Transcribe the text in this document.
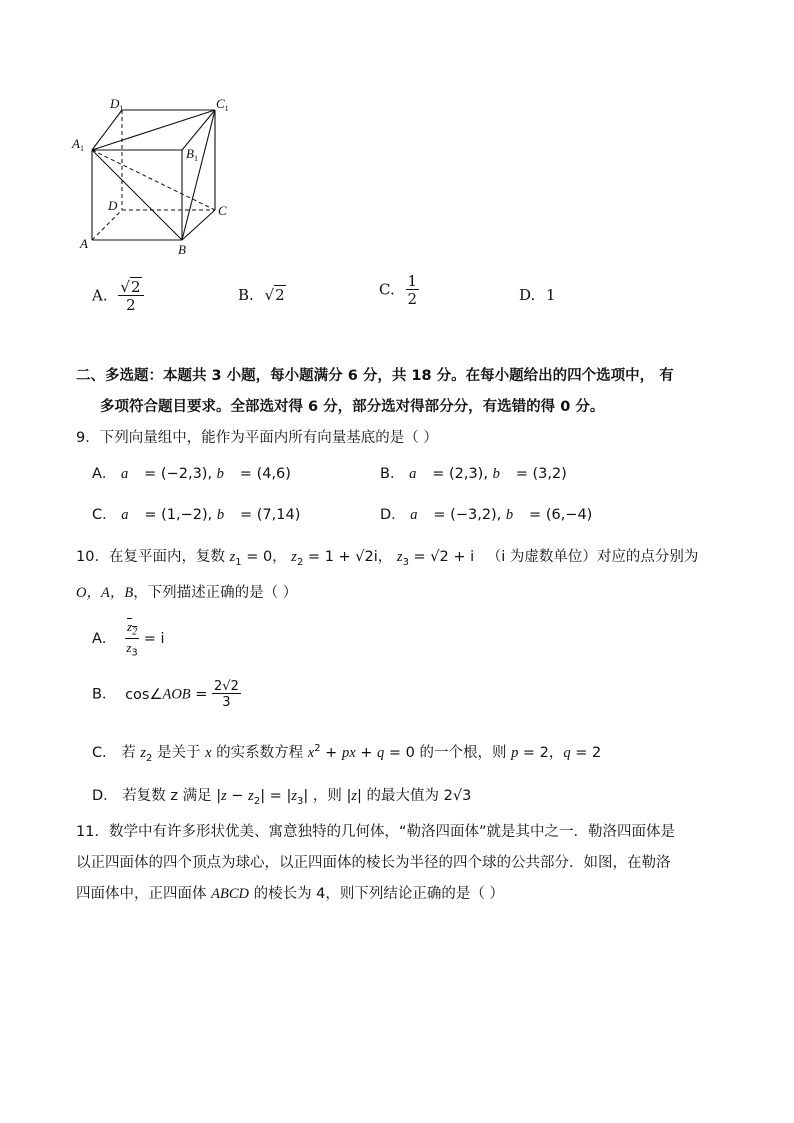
$D_1$	$C_1$
$A_1$	$B_1$
D	C
A	B
A. $\frac{√2}{2}$	B. √2	C. $\frac{1}{2}$	D. 1
二、多选题：本题共 3 小题，每小题满分 6 分，共 18 分。在每小题给出的四个选项中， 有
多项符合题目要求。全部选对得 6 分，部分选对得部分分，有选错的得 0 分。
9．下列向量组中，能作为平面内所有向量基底的是（ ）
A． a⃗ = (−2,3), b⃗ = (4,6)	B． a⃗ = (2,3), b⃗ = (3,2)
C． a⃗ = (1,−2), b⃗ = (7,14)	D． a⃗ = (−3,2), b⃗ = (6,−4)
10．在复平面内，复数 $z_1 = 0$， $z_2 = 1 + √2i$， $z_3 = √2 + i$ （i 为虚数单位）对应的点分别为
O，A，B，下列描述正确的是（ ）
A． $\frac{z_2}{z_3} = i$
B． cos∠AOB = $\frac{2√2}{3}$
C． 若 $z_2$ 是关于 x 的实系数方程 $x^2$ + px + q = 0 的一个根，则 p = 2，q = 2
D． 若复数 z 满足 $|z - z_2| = |z_3|$ ，则 |z| 的最大值为 2√3
11．数学中有许多形状优美、寓意独特的几何体，“勒洛四面体”就是其中之一．勒洛四面体是
以正四面体的四个顶点为球心，以正四面体的棱长为半径的四个球的公共部分．如图，在勒洛
四面体中，正四面体 ABCD 的棱长为 4，则下列结论正确的是（ ）
